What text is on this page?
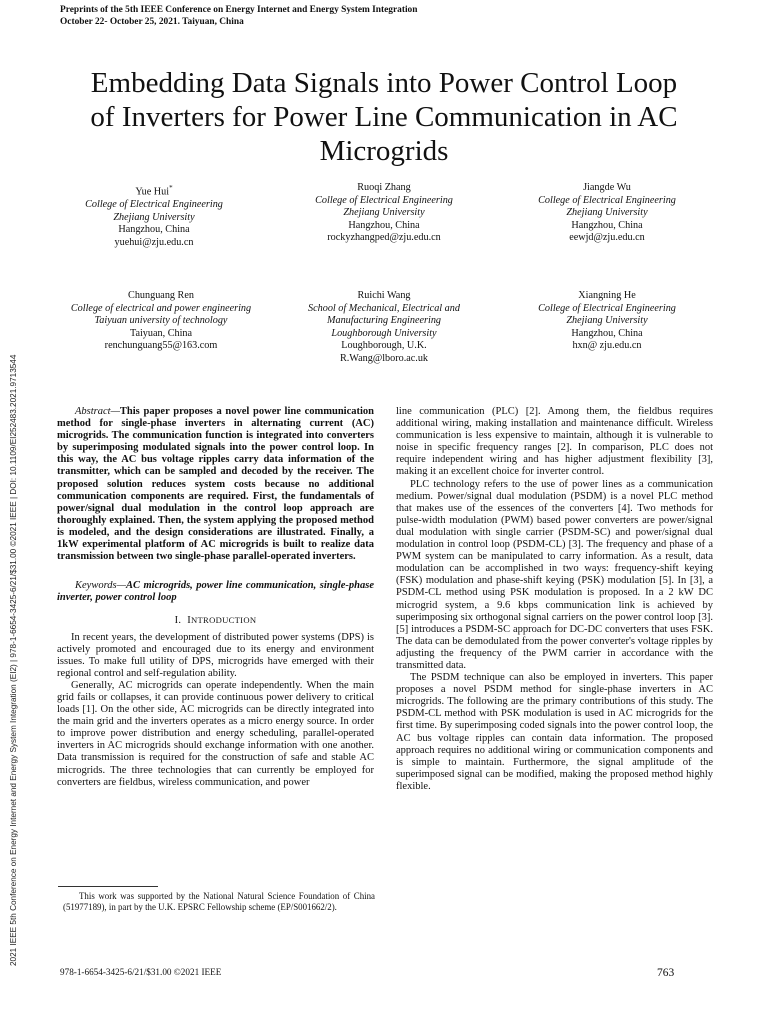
Preprints of the 5th IEEE Conference on Energy Internet and Energy System Integration
October 22- October 25, 2021. Taiyuan, China
2021 IEEE 5th Conference on Energy Internet and Energy System Integration (EI2) | 978-1-6654-3425-6/21/$31.00 ©2021 IEEE | DOI: 10.1109/EI252483.2021.9713544
Embedding Data Signals into Power Control Loop
of Inverters for Power Line Communication in AC
Microgrids
Yue Hui*
College of Electrical Engineering
Zhejiang University
Hangzhou, China
yuehui@zju.edu.cn
Ruoqi Zhang
College of Electrical Engineering
Zhejiang University
Hangzhou, China
rockyzhangped@zju.edu.cn
Jiangde Wu
College of Electrical Engineering
Zhejiang University
Hangzhou, China
eewjd@zju.edu.cn
Chunguang Ren
College of electrical and power engineering
Taiyuan university of technology
Taiyuan, China
renchunguang55@163.com
Ruichi Wang
School of Mechanical, Electrical and
Manufacturing Engineering
Loughborough University
Loughborough, U.K.
R.Wang@lboro.ac.uk
Xiangning He
College of Electrical Engineering
Zhejiang University
Hangzhou, China
hxn@ zju.edu.cn

Abstract—This paper proposes a novel power line communication method for single-phase inverters in alternating current (AC) microgrids. The communication function is integrated into converters by superimposing modulated signals into the power control loop. In this way, the AC bus voltage ripples carry data information of the transmitter, which can be sampled and decoded by the receiver. The proposed solution reduces system costs because no additional communication components are required. First, the fundamentals of power/signal dual modulation in the control loop approach are thoroughly explained. Then, the system applying the proposed method is modeled, and the design considerations are illustrated. Finally, a 1kW experimental platform of AC microgrids is built to realize data transmission between two single-phase parallel-operated inverters.

Keywords—AC microgrids, power line communication, single-phase inverter, power control loop

I. INTRODUCTION

In recent years, the development of distributed power systems (DPS) is actively promoted and encouraged due to its energy and environment issues. To make full utility of DPS, microgrids have emerged with their regional control and self-regulation ability.

Generally, AC microgrids can operate independently. When the main grid fails or collapses, it can provide continuous power delivery to critical loads [1]. On the other side, AC microgrids can be directly integrated into the main grid and the inverters operates as a micro energy source. In order to improve power distribution and energy scheduling, parallel-operated inverters in AC microgrids should exchange information with one another. Data transmission is required for the construction of safe and stable AC microgrids. The three technologies that can currently be employed for converters are fieldbus, wireless communication, and power

line communication (PLC) [2]. Among them, the fieldbus requires additional wiring, making installation and maintenance difficult. Wireless communication is less expensive to maintain, although it is vulnerable to noise in specific frequency ranges [2]. In comparison, PLC does not require independent wiring and has higher adjustment flexibility [3], making it an excellent choice for inverter control.

PLC technology refers to the use of power lines as a communication medium. Power/signal dual modulation (PSDM) is a novel PLC method that makes use of the essences of the converters [4]. Two methods for pulse-width modulation (PWM) based power converters are power/signal dual modulation with single carrier (PSDM-SC) and power/signal dual modulation in control loop (PSDM-CL) [3]. The frequency and phase of a PWM system can be manipulated to carry information. As a result, data modulation can be accomplished in two ways: frequency-shift keying (FSK) modulation and phase-shift keying (PSK) modulation [5]. In [3], a PSDM-CL method using PSK modulation is proposed. In a 2 kW DC microgrid system, a 9.6 kbps communication link is achieved by superimposing six orthogonal signal carriers on the power control loop [3]. [5] introduces a PSDM-SC approach for DC-DC converters that uses FSK. The data can be demodulated from the power converter's voltage ripples by adjusting the frequency of the PWM carrier in accordance with the transmitted data.

The PSDM technique can also be employed in inverters. This paper proposes a novel PSDM method for single-phase inverters in AC microgrids. The following are the primary contributions of this study. The PSDM-CL method with PSK modulation is used in AC microgrids for the first time. By superimposing coded signals into the power control loop, the AC bus voltage ripples can contain data information. The proposed approach requires no additional wiring or communication components and is simple to maintain. Furthermore, the signal amplitude of the superimposed signal can be modified, making the proposed method highly flexible.

This work was supported by the National Natural Science Foundation of China (51977189), in part by the U.K. EPSRC Fellowship scheme (EP/S001662/2).
978-1-6654-3425-6/21/$31.00 ©2021 IEEE	763
